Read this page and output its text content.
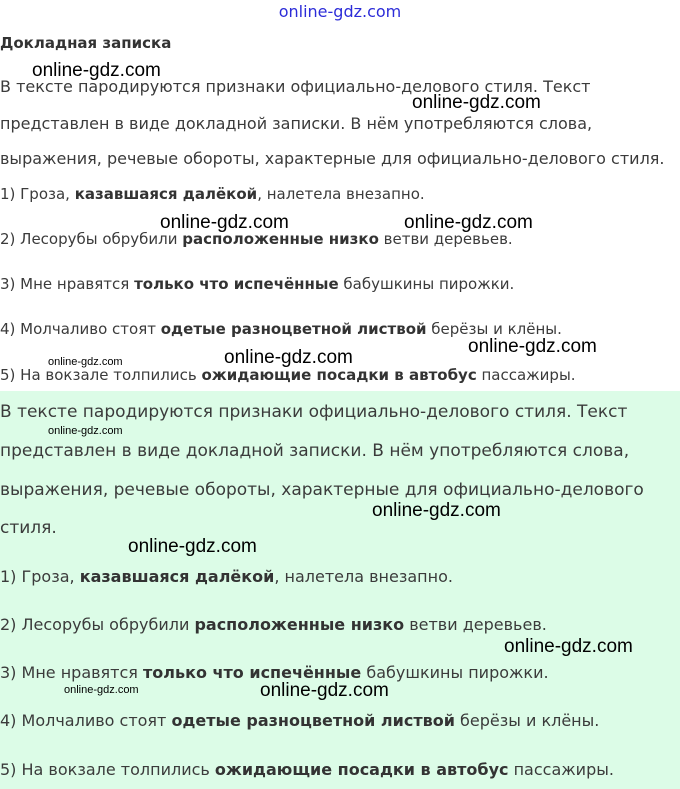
online-gdz.com
Докладная записка
В тексте пародируются признаки официально-делового стиля. Текст
представлен в виде докладной записки. В нём употребляются слова,
выражения, речевые обороты, характерные для официально-делового стиля.
1) Гроза, казавшаяся далёкой, налетела внезапно.
2) Лесорубы обрубили расположенные низко ветви деревьев.
3) Мне нравятся только что испечённые бабушкины пирожки.
4) Молчаливо стоят одетые разноцветной листвой берёзы и клёны.
5) На вокзале толпились ожидающие посадки в автобус пассажиры.
В тексте пародируются признаки официально-делового стиля. Текст
представлен в виде докладной записки. В нём употребляются слова,
выражения, речевые обороты, характерные для официально-делового
стиля.
1) Гроза, казавшаяся далёкой, налетела внезапно.
2) Лесорубы обрубили расположенные низко ветви деревьев.
3) Мне нравятся только что испечённые бабушкины пирожки.
4) Молчаливо стоят одетые разноцветной листвой берёзы и клёны.
5) На вокзале толпились ожидающие посадки в автобус пассажиры.
online-gdz.com
online-gdz.com
online-gdz.com	online-gdz.com
online-gdz.com
online-gdz.com	online-gdz.com
online-gdz.com
online-gdz.com
online-gdz.com
online-gdz.com
online-gdz.com	online-gdz.com
